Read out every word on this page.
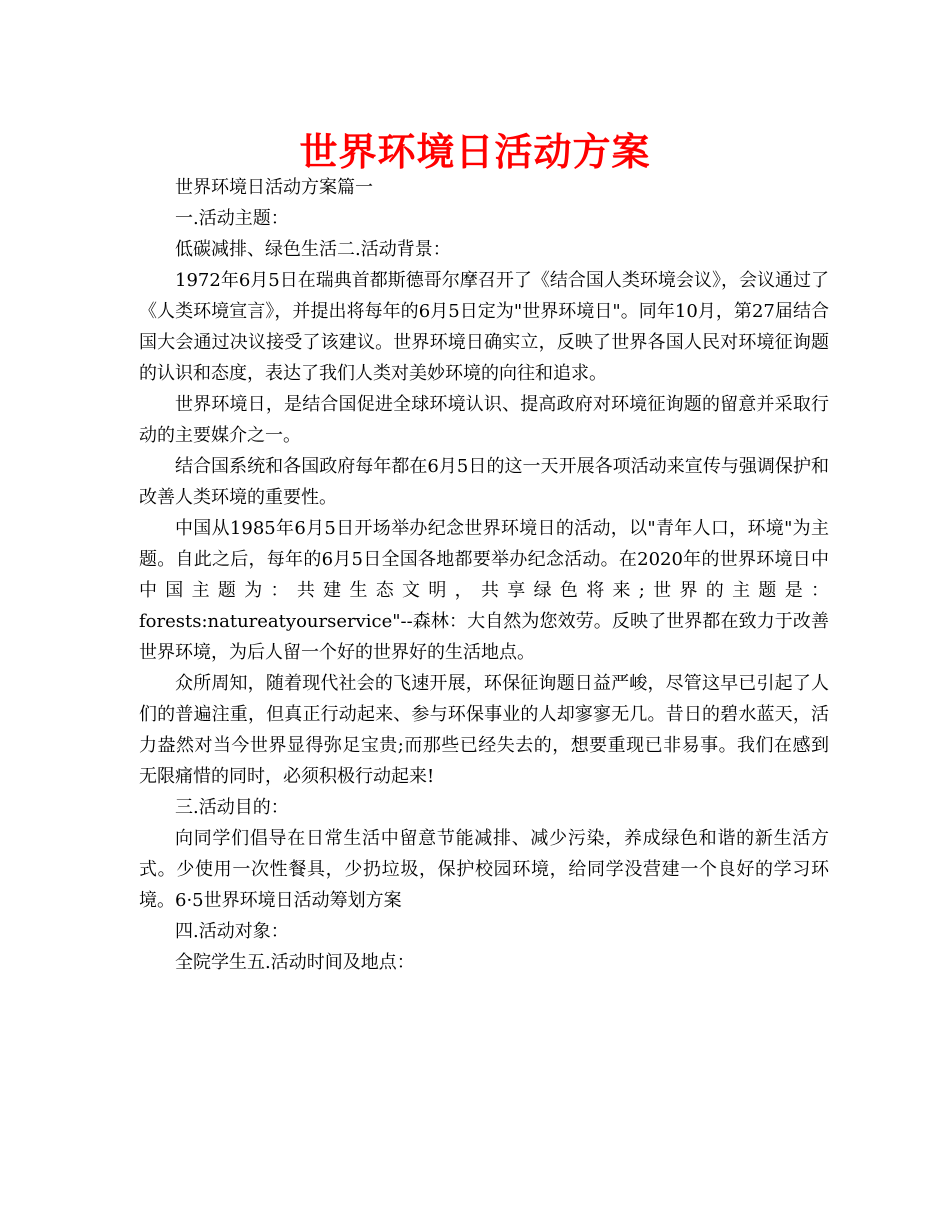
世界环境日活动方案

世界环境日活动方案篇一

一.活动主题：

低碳减排、绿色生活二.活动背景：

1972年6月5日在瑞典首都斯德哥尔摩召开了《结合国人类环境会议》，会议通过了《人类环境宣言》，并提出将每年的6月5日定为"世界环境日"。同年10月，第27届结合国大会通过决议接受了该建议。世界环境日确实立，反映了世界各国人民对环境征询题的认识和态度，表达了我们人类对美妙环境的向往和追求。

世界环境日，是结合国促进全球环境认识、提高政府对环境征询题的留意并采取行动的主要媒介之一。

结合国系统和各国政府每年都在6月5日的这一天开展各项活动来宣传与强调保护和改善人类环境的重要性。

中国从1985年6月5日开场举办纪念世界环境日的活动，以"青年人口，环境"为主题。自此之后，每年的6月5日全国各地都要举办纪念活动。在2020年的世界环境日中中国主题为：共建生态文明，共享绿色将来;世界的主题是：forests:natureatyourservice"--森林：大自然为您效劳。反映了世界都在致力于改善世界环境，为后人留一个好的世界好的生活地点。

众所周知，随着现代社会的飞速开展，环保征询题日益严峻，尽管这早已引起了人们的普遍注重，但真正行动起来、参与环保事业的人却寥寥无几。昔日的碧水蓝天，活力盎然对当今世界显得弥足宝贵;而那些已经失去的，想要重现已非易事。我们在感到无限痛惜的同时，必须积极行动起来!

三.活动目的：

向同学们倡导在日常生活中留意节能减排、减少污染，养成绿色和谐的新生活方式。少使用一次性餐具，少扔垃圾，保护校园环境，给同学没营建一个良好的学习环境。6·5世界环境日活动筹划方案

四.活动对象：

全院学生五.活动时间及地点：
